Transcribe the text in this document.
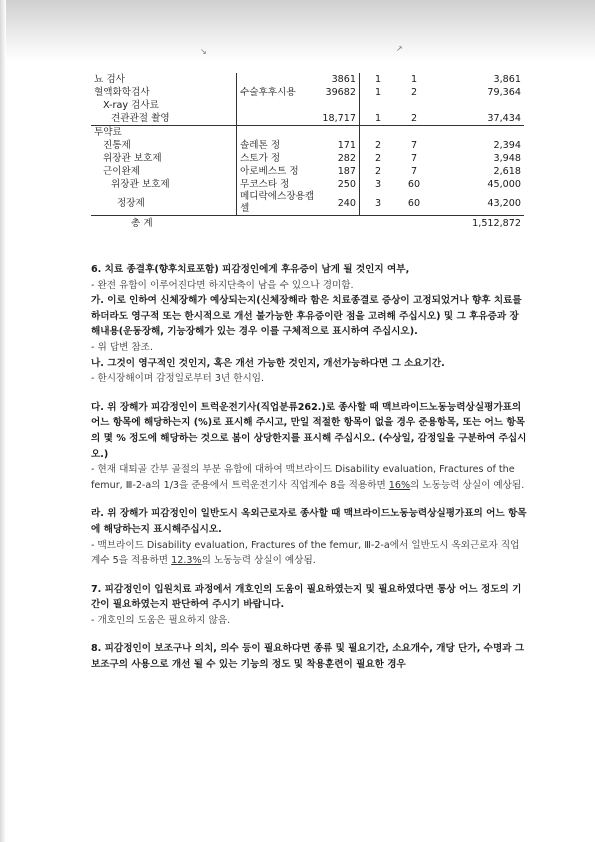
↘	↗
뇨 검사		3861	1	1	3,861
혈액화학검사	수술후후시용	39682	1	2	79,364
X-ray 검사료					
견관관절 촬영		18,717	1	2	37,434
투약료					
진통제	솔레톤 정	171	2	7	2,394
위장관 보호제	스토가 정	282	2	7	3,948
근이완제	아로베스트 정	187	2	7	2,618
위장관 보호제	무코스타 정	250	3	60	45,000
정장제	메디락에스장용캡셀	240	3	60	43,200
총 계					1,512,872

6. 치료 종결후(향후치료포함) 피감정인에게 후유증이 남게 될 것인지 여부,

- 완전 유합이 이루어진다면 하지단축이 남을 수 있으나 경미함.

가. 이로 인하여 신체장해가 예상되는지(신체장해라 함은 치료종결로 증상이 고정되었거나 향후 치료를 하더라도 영구적 또는 한시적으로 개선 불가능한 후유증이란 점을 고려해 주십시오) 및 그 후유증과 장해내용(운동장해, 기능장해가 있는 경우 이를 구체적으로 표시하여 주십시오).

- 위 답변 참조.

나. 그것이 영구적인 것인지, 혹은 개선 가능한 것인지, 개선가능하다면 그 소요기간.

- 한시장해이며 감정일로부터 3년 한시임.

다. 위 장해가 피감정인이 트럭운전기사(직업분류262.)로 종사할 때 맥브라이드노동능력상실평가표의 어느 항목에 해당하는지 (%)로 표시해 주시고, 만일 적절한 항목이 없을 경우 준용항목, 또는 어느 항목의 몇 % 정도에 해당하는 것으로 봄이 상당한지를 표시해 주십시오. (수상일, 감정일을 구분하여 주십시오.)

- 현재 대퇴골 간부 골절의 부분 유합에 대하여 맥브라이드 Disability evaluation, Fractures of the femur, Ⅲ-2-a의 1/3을 준용에서 트럭운전기사 직업계수 8을 적용하면 16%의 노동능력 상실이 예상됨.

라. 위 장해가 피감정인이 일반도시 옥외근로자로 종사할 때 맥브라이드노동능력상실평가표의 어느 항목에 해당하는지 표시해주십시오.

- 맥브라이드 Disability evaluation, Fractures of the femur, Ⅲ-2-a에서 일반도시 옥외근로자 직업계수 5을 적용하면 12.3%의 노동능력 상실이 예상됨.

7. 피감정인이 입원치료 과정에서 개호인의 도움이 필요하였는지 및 필요하였다면 통상 어느 정도의 기간이 필요하였는지 판단하여 주시기 바랍니다.

- 개호인의 도움은 필요하지 않음.

8. 피감정인이 보조구나 의치, 의수 등이 필요하다면 종류 및 필요기간, 소요개수, 개당 단가, 수명과 그 보조구의 사용으로 개선 될 수 있는 기능의 정도 및 착용훈련이 필요한 경우
